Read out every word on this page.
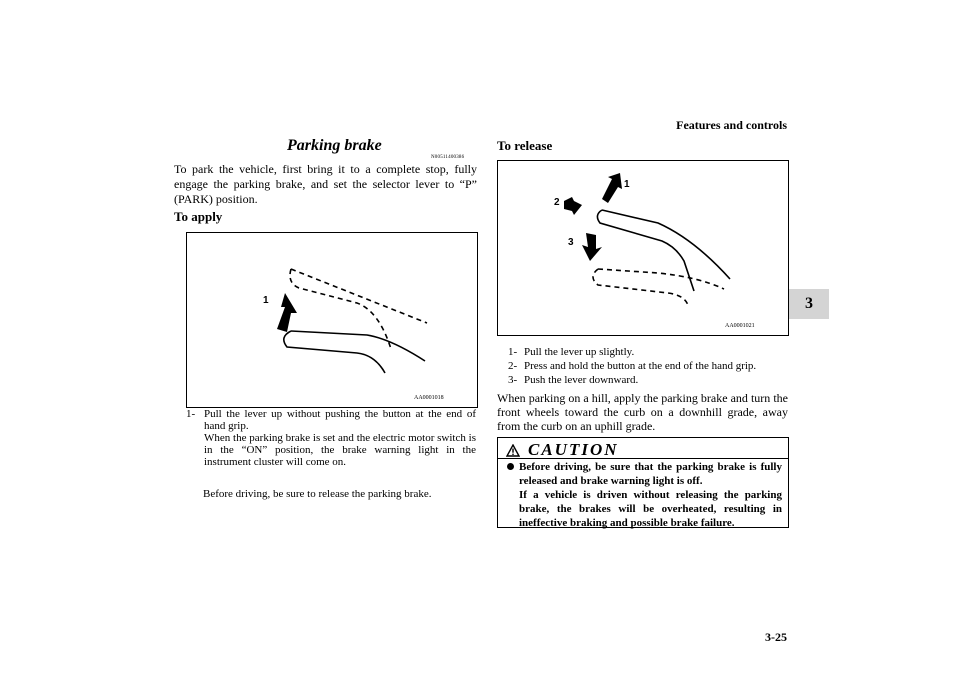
Features and controls
3
3-25
Parking brake
N00511400386
To park the vehicle, first bring it to a complete stop, fully engage the parking brake, and set the selector lever to “P” (PARK) position.
To apply
AA0001018
1
1- Pull the lever up without pushing the button at the end of hand grip.
When the parking brake is set and the electric motor switch is in the “ON” position, the brake warning light in the instrument cluster will come on.
Before driving, be sure to release the parking brake.
To release
AA0001021
1
2
3
1- Pull the lever up slightly.
2- Press and hold the button at the end of the hand grip.
3- Push the lever downward.
When parking on a hill, apply the parking brake and turn the front wheels toward the curb on a downhill grade, away from the curb on an uphill grade.
CAUTION
Before driving, be sure that the parking brake is fully released and brake warning light is off.
If a vehicle is driven without releasing the parking brake, the brakes will be overheated, resulting in ineffective braking and possible brake failure.
